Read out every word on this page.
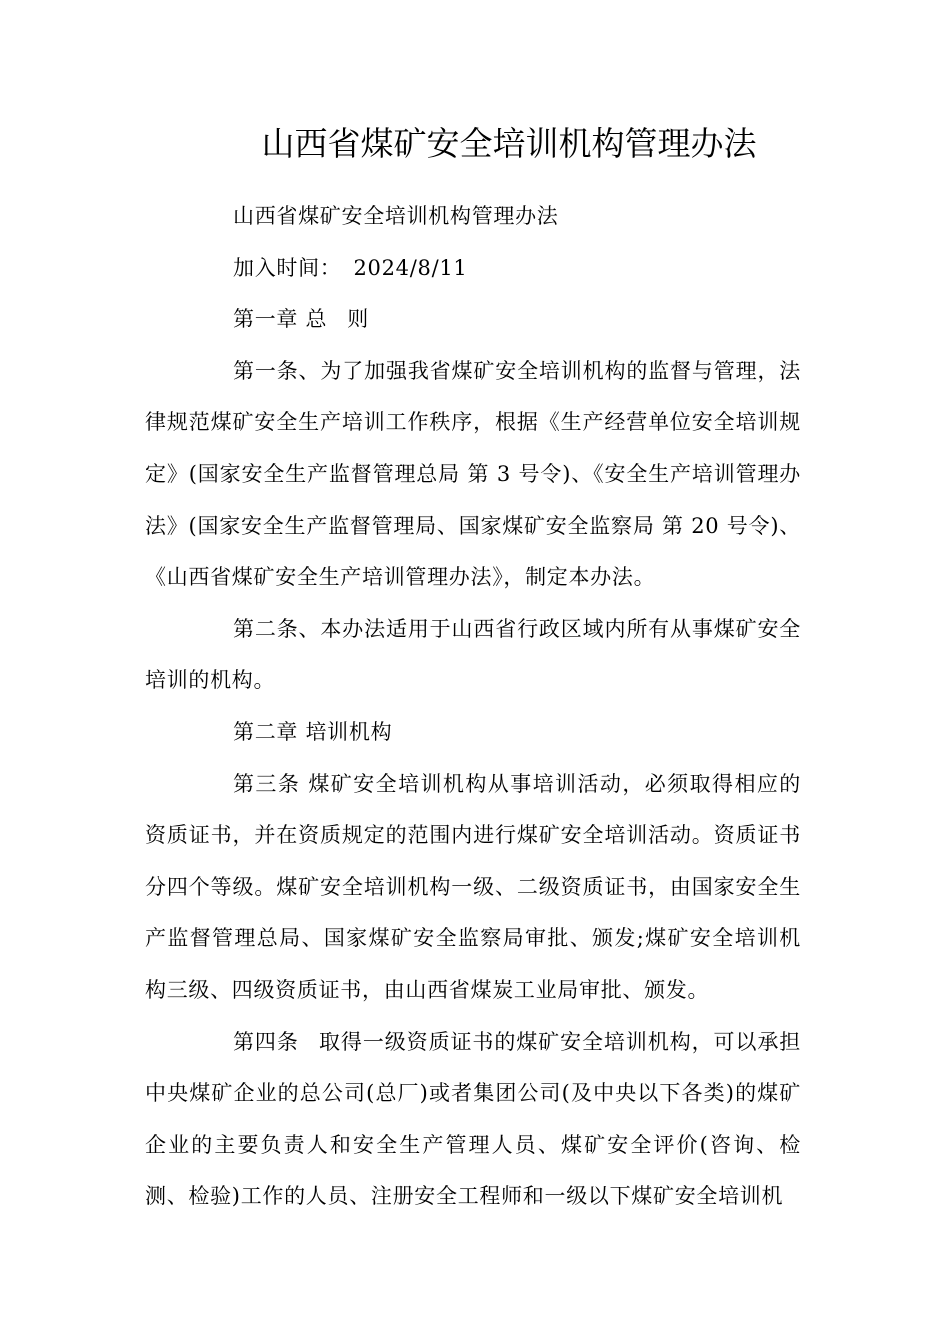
山西省煤矿安全培训机构管理办法

山西省煤矿安全培训机构管理办法

加入时间： 2024/8/11

第一章 总 则

第一条、为了加强我省煤矿安全培训机构的监督与管理，法律规范煤矿安全生产培训工作秩序，根据《生产经营单位安全培训规定》(国家安全生产监督管理总局 第 3 号令)、《安全生产培训管理办法》(国家安全生产监督管理局、国家煤矿安全监察局 第 20 号令)、《山西省煤矿安全生产培训管理办法》，制定本办法。

第二条、本办法适用于山西省行政区域内所有从事煤矿安全培训的机构。

第二章 培训机构

第三条 煤矿安全培训机构从事培训活动，必须取得相应的资质证书，并在资质规定的范围内进行煤矿安全培训活动。资质证书分四个等级。煤矿安全培训机构一级、二级资质证书，由国家安全生产监督管理总局、国家煤矿安全监察局审批、颁发;煤矿安全培训机构三级、四级资质证书，由山西省煤炭工业局审批、颁发。

第四条 取得一级资质证书的煤矿安全培训机构，可以承担中央煤矿企业的总公司(总厂)或者集团公司(及中央以下各类)的煤矿企业的主要负责人和安全生产管理人员、煤矿安全评价(咨询、检测、检验)工作的人员、注册安全工程师和一级以下煤矿安全培训机
